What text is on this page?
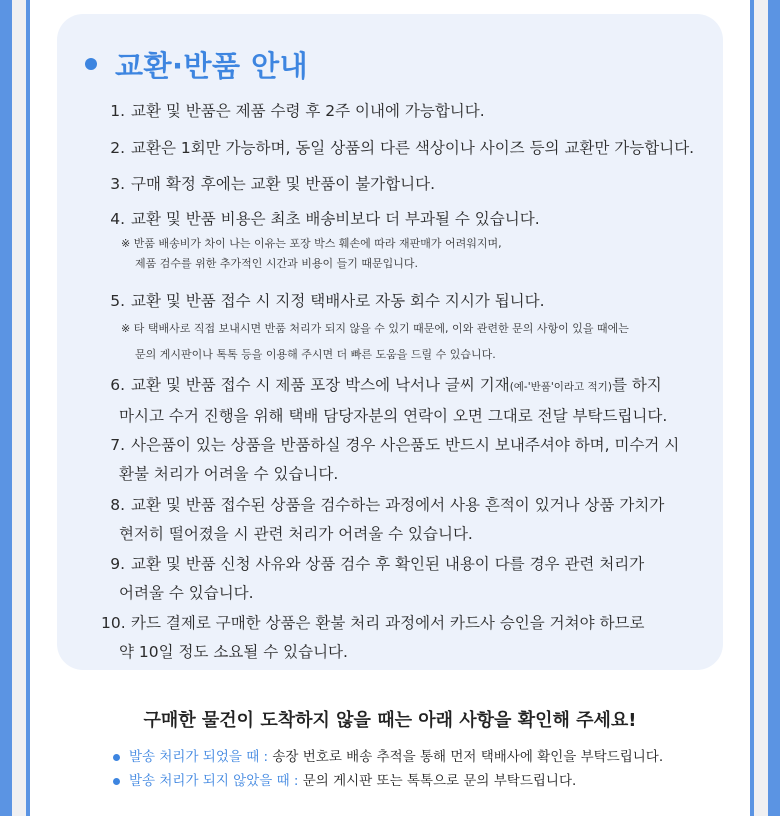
교환·반품 안내
1. 교환 및 반품은 제품 수령 후 2주 이내에 가능합니다.
2. 교환은 1회만 가능하며, 동일 상품의 다른 색상이나 사이즈 등의 교환만 가능합니다.
3. 구매 확정 후에는 교환 및 반품이 불가합니다.
4. 교환 및 반품 비용은 최초 배송비보다 더 부과될 수 있습니다.
※ 반품 배송비가 차이 나는 이유는 포장 박스 훼손에 따라 재판매가 어려워지며,
제품 검수를 위한 추가적인 시간과 비용이 들기 때문입니다.
5. 교환 및 반품 접수 시 지정 택배사로 자동 회수 지시가 됩니다.
※ 타 택배사로 직접 보내시면 반품 처리가 되지 않을 수 있기 때문에, 이와 관련한 문의 사항이 있을 때에는
문의 게시판이나 톡톡 등을 이용해 주시면 더 빠른 도움을 드릴 수 있습니다.
6. 교환 및 반품 접수 시 제품 포장 박스에 낙서나 글씨 기재(예-'반품'이라고 적기)를 하지
마시고 수거 진행을 위해 택배 담당자분의 연락이 오면 그대로 전달 부탁드립니다.
7. 사은품이 있는 상품을 반품하실 경우 사은품도 반드시 보내주셔야 하며, 미수거 시
환불 처리가 어려울 수 있습니다.
8. 교환 및 반품 접수된 상품을 검수하는 과정에서 사용 흔적이 있거나 상품 가치가
현저히 떨어졌을 시 관련 처리가 어려울 수 있습니다.
9. 교환 및 반품 신청 사유와 상품 검수 후 확인된 내용이 다를 경우 관련 처리가
어려울 수 있습니다.
10. 카드 결제로 구매한 상품은 환불 처리 과정에서 카드사 승인을 거쳐야 하므로
약 10일 정도 소요될 수 있습니다.
구매한 물건이 도착하지 않을 때는 아래 사항을 확인해 주세요!
발송 처리가 되었을 때 : 송장 번호로 배송 추적을 통해 먼저 택배사에 확인을 부탁드립니다.
발송 처리가 되지 않았을 때 : 문의 게시판 또는 톡톡으로 문의 부탁드립니다.
